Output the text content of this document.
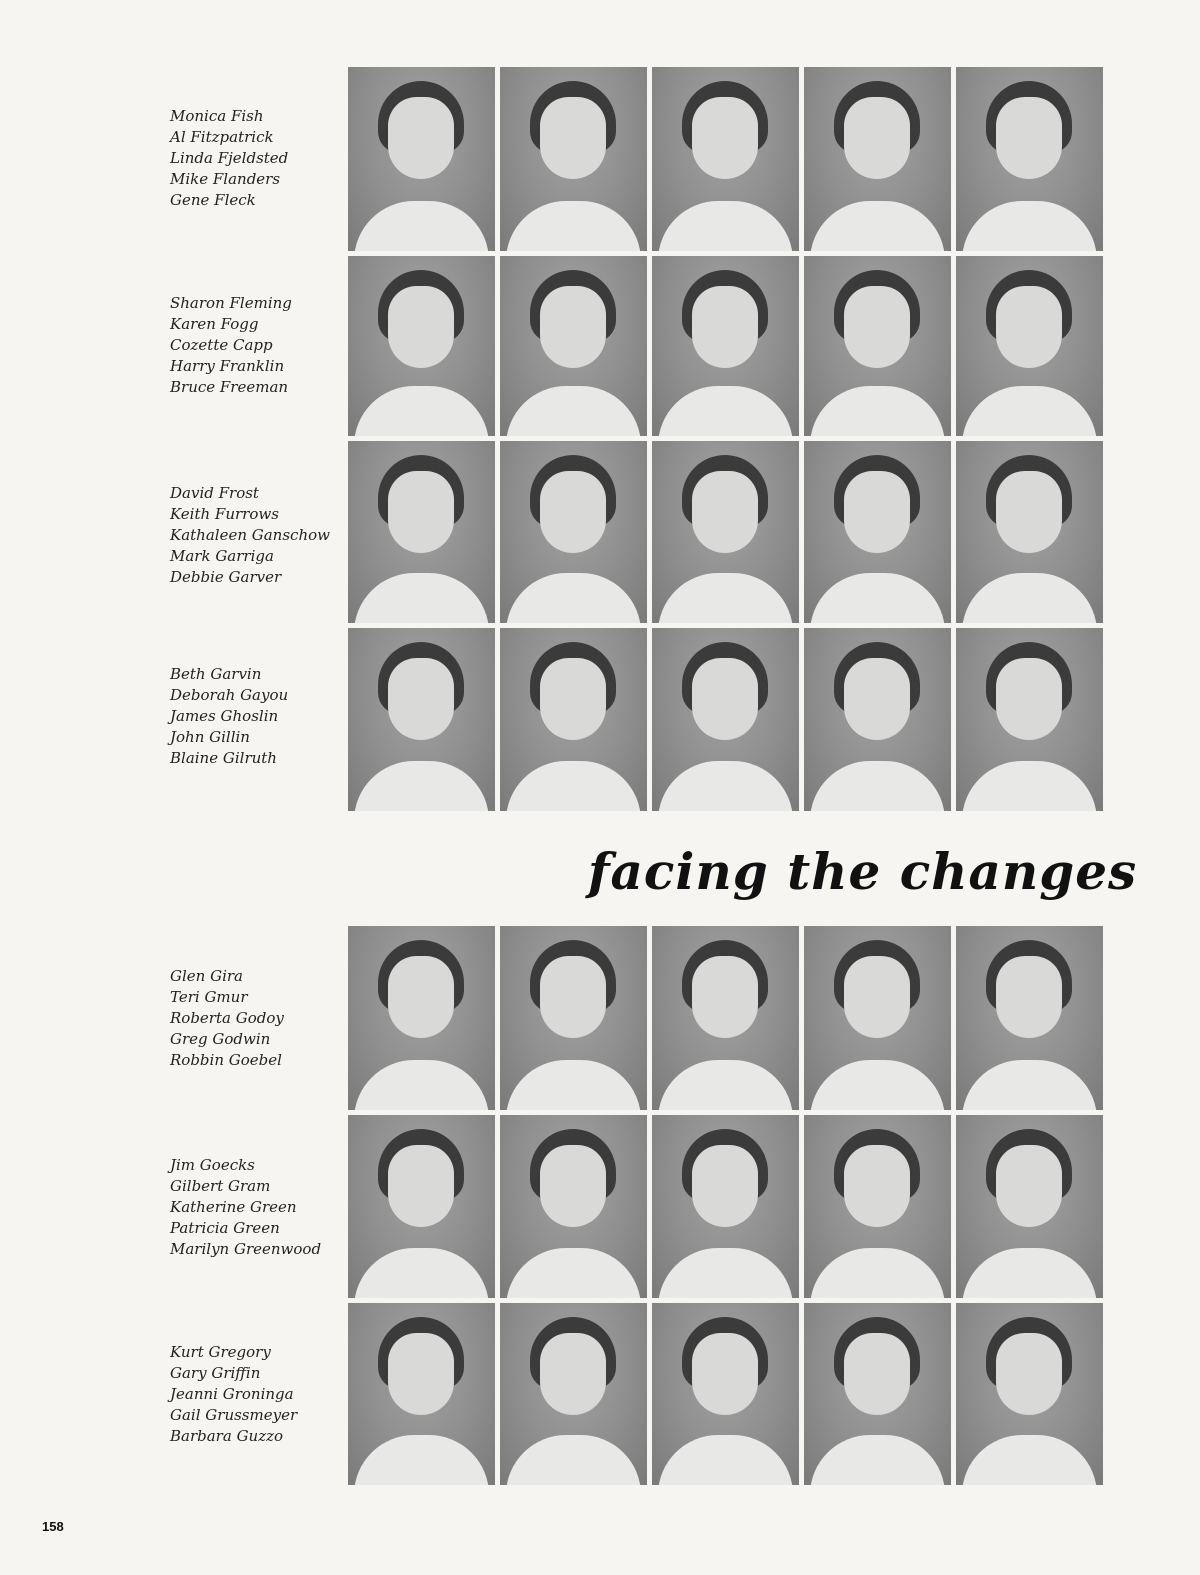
Monica Fish
Al Fitzpatrick
Linda Fjeldsted
Mike Flanders
Gene Fleck
Sharon Fleming
Karen Fogg
Cozette Capp
Harry Franklin
Bruce Freeman
David Frost
Keith Furrows
Kathaleen Ganschow
Mark Garriga
Debbie Garver
Beth Garvin
Deborah Gayou
James Ghoslin
John Gillin
Blaine Gilruth
facing the changes
Glen Gira
Teri Gmur
Roberta Godoy
Greg Godwin
Robbin Goebel
Jim Goecks
Gilbert Gram
Katherine Green
Patricia Green
Marilyn Greenwood
Kurt Gregory
Gary Griffin
Jeanni Groninga
Gail Grussmeyer
Barbara Guzzo
158
